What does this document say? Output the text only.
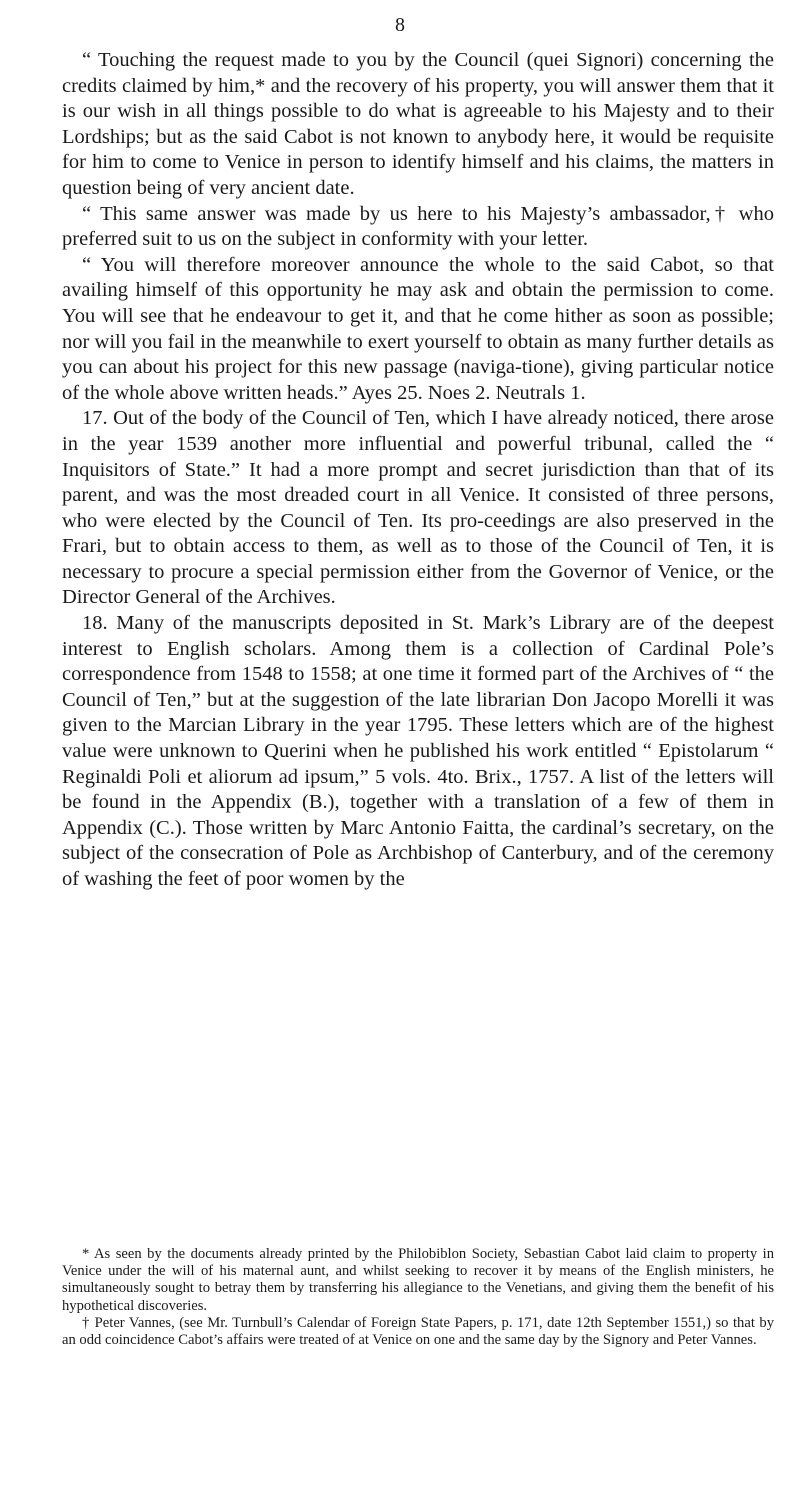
8

“ Touching the request made to you by the Council (quei Signori) concerning the credits claimed by him,* and the recovery of his property, you will answer them that it is our wish in all things possible to do what is agreeable to his Majesty and to their Lordships; but as the said Cabot is not known to anybody here, it would be requisite for him to come to Venice in person to identify himself and his claims, the matters in question being of very ancient date.

“ This same answer was made by us here to his Majesty’s ambassador,† who preferred suit to us on the subject in conformity with your letter.

“ You will therefore moreover announce the whole to the said Cabot, so that availing himself of this opportunity he may ask and obtain the permission to come. You will see that he endeavour to get it, and that he come hither as soon as possible; nor will you fail in the meanwhile to exert yourself to obtain as many further details as you can about his project for this new passage (naviga-tione), giving particular notice of the whole above written heads.” Ayes 25. Noes 2. Neutrals 1.

17. Out of the body of the Council of Ten, which I have already noticed, there arose in the year 1539 another more influential and powerful tribunal, called the “ Inquisitors of State.” It had a more prompt and secret jurisdiction than that of its parent, and was the most dreaded court in all Venice. It consisted of three persons, who were elected by the Council of Ten. Its pro-ceedings are also preserved in the Frari, but to obtain access to them, as well as to those of the Council of Ten, it is necessary to procure a special permission either from the Governor of Venice, or the Director General of the Archives.

18. Many of the manuscripts deposited in St. Mark’s Library are of the deepest interest to English scholars. Among them is a collection of Cardinal Pole’s correspondence from 1548 to 1558; at one time it formed part of the Archives of “ the Council of Ten,” but at the suggestion of the late librarian Don Jacopo Morelli it was given to the Marcian Library in the year 1795. These letters which are of the highest value were unknown to Querini when he published his work entitled “ Epistolarum “ Reginaldi Poli et aliorum ad ipsum,” 5 vols. 4to. Brix., 1757. A list of the letters will be found in the Appendix (B.), together with a translation of a few of them in Appendix (C.). Those written by Marc Antonio Faitta, the cardinal’s secretary, on the subject of the consecration of Pole as Archbishop of Canterbury, and of the ceremony of washing the feet of poor women by the

* As seen by the documents already printed by the Philobiblon Society, Sebastian Cabot laid claim to property in Venice under the will of his maternal aunt, and whilst seeking to recover it by means of the English ministers, he simultaneously sought to betray them by transferring his allegiance to the Venetians, and giving them the benefit of his hypothetical discoveries.

† Peter Vannes, (see Mr. Turnbull’s Calendar of Foreign State Papers, p. 171, date 12th September 1551,) so that by an odd coincidence Cabot’s affairs were treated of at Venice on one and the same day by the Signory and Peter Vannes.
